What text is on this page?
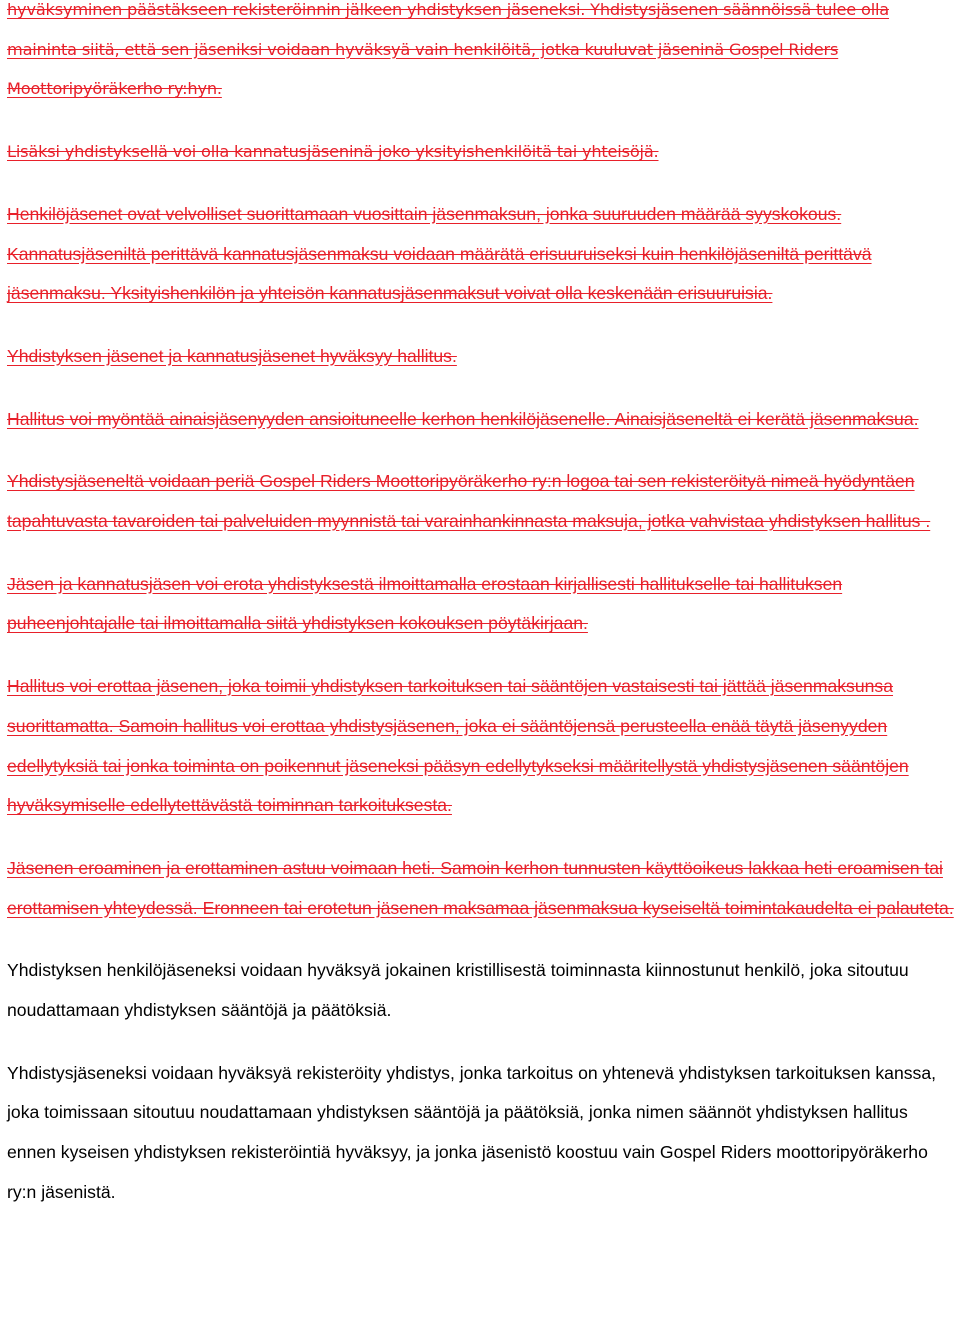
hyväksyminen päästäkseen rekisteröinnin jälkeen yhdistyksen jäseneksi. Yhdistysjäsenen säännöissä tulee olla maininta siitä, että sen jäseniksi voidaan hyväksyä vain henkilöitä, jotka kuuluvat jäseninä Gospel Riders Moottoripyöräkerho ry:hyn.

Lisäksi yhdistyksellä voi olla kannatusjäseninä joko yksityishenkilöitä tai yhteisöjä.

Henkilöjäsenet ovat velvolliset suorittamaan vuosittain jäsenmaksun, jonka suuruuden määrää syyskokous. Kannatusjäseniltä perittävä kannatusjäsenmaksu voidaan määrätä erisuuruiseksi kuin henkilöjäseniltä perittävä jäsenmaksu. Yksityishenkilön ja yhteisön kannatusjäsenmaksut voivat olla keskenään erisuuruisia.

Yhdistyksen jäsenet ja kannatusjäsenet hyväksyy hallitus.

Hallitus voi myöntää ainaisjäsenyyden ansioituneelle kerhon henkilöjäsenelle. Ainaisjäseneltä ei kerätä jäsenmaksua.

Yhdistysjäseneltä voidaan periä Gospel Riders Moottoripyöräkerho ry:n logoa tai sen rekisteröityä nimeä hyödyntäen tapahtuvasta tavaroiden tai palveluiden myynnistä tai varainhankinnasta maksuja, jotka vahvistaa yhdistyksen hallitus .

Jäsen ja kannatusjäsen voi erota yhdistyksestä ilmoittamalla erostaan kirjallisesti hallitukselle tai hallituksen puheenjohtajalle tai ilmoittamalla siitä yhdistyksen kokouksen pöytäkirjaan.

Hallitus voi erottaa jäsenen, joka toimii yhdistyksen tarkoituksen tai sääntöjen vastaisesti tai jättää jäsenmaksunsa suorittamatta. Samoin hallitus voi erottaa yhdistysjäsenen, joka ei sääntöjensä perusteella enää täytä jäsenyyden edellytyksiä tai jonka toiminta on poikennut jäseneksi pääsyn edellytykseksi määritellystä yhdistysjäsenen sääntöjen hyväksymiselle edellytettävästä toiminnan tarkoituksesta.

Jäsenen eroaminen ja erottaminen astuu voimaan heti. Samoin kerhon tunnusten käyttöoikeus lakkaa heti eroamisen tai erottamisen yhteydessä. Eronneen tai erotetun jäsenen maksamaa jäsenmaksua kyseiseltä toimintakaudelta ei palauteta.

Yhdistyksen henkilöjäseneksi voidaan hyväksyä jokainen kristillisestä toiminnasta kiinnostunut henkilö, joka sitoutuu noudattamaan yhdistyksen sääntöjä ja päätöksiä.

Yhdistysjäseneksi voidaan hyväksyä rekisteröity yhdistys, jonka tarkoitus on yhtenevä yhdistyksen tarkoituksen kanssa, joka toimissaan sitoutuu noudattamaan yhdistyksen sääntöjä ja päätöksiä, jonka nimen säännöt yhdistyksen hallitus ennen kyseisen yhdistyksen rekisteröintiä hyväksyy, ja jonka jäsenistö koostuu vain Gospel Riders moottoripyöräkerho ry:n jäsenistä.
